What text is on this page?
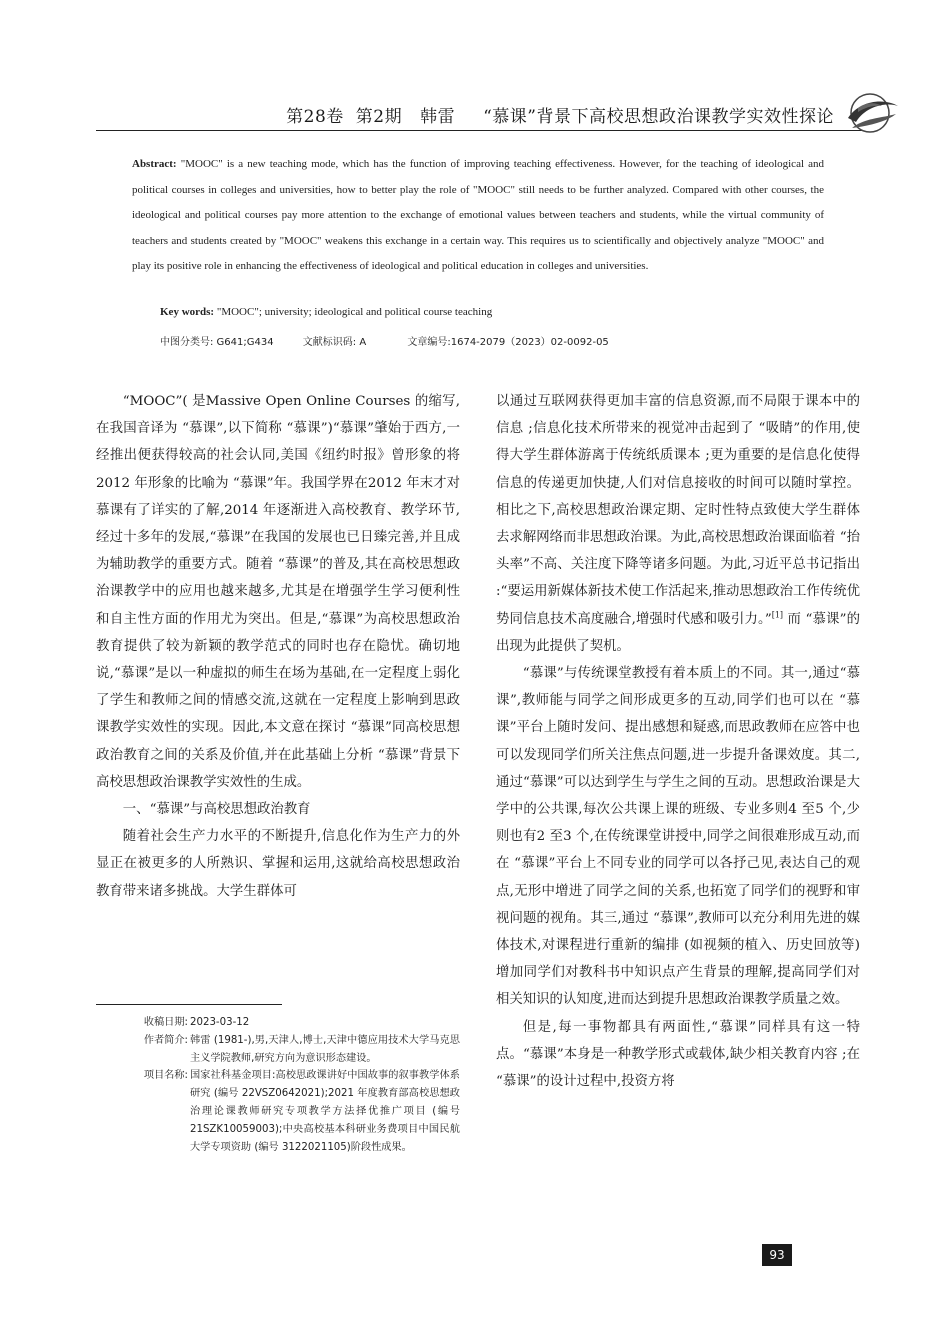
第28卷 第2期 韩雷 “慕课”背景下高校思想政治课教学实效性探论
Abstract: "MOOC" is a new teaching mode, which has the function of improving teaching effectiveness. However, for the teaching of ideological and political courses in colleges and universities, how to better play the role of "MOOC" still needs to be further analyzed. Compared with other courses, the ideological and political courses pay more attention to the exchange of emotional values between teachers and students, while the virtual community of teachers and students created by "MOOC" weakens this exchange in a certain way. This requires us to scientifically and objectively analyze "MOOC" and play its positive role in enhancing the effectiveness of ideological and political education in colleges and universities.
Key words: "MOOC"; university; ideological and political course teaching
中图分类号: G641;G434	文献标识码: A	文章编号:1674-2079（2023）02-0092-05

“MOOC”( 是Massive Open Online Courses 的缩写,在我国音译为 “慕课”,以下简称 “慕课”)“慕课”肇始于西方,一经推出便获得较高的社会认同,美国《纽约时报》曾形象的将2012 年形象的比喻为 “慕课”年。我国学界在2012 年末才对慕课有了详实的了解,2014 年逐渐进入高校教育、教学环节,经过十多年的发展,“慕课”在我国的发展也已日臻完善,并且成为辅助教学的重要方式。随着 “慕课”的普及,其在高校思想政治课教学中的应用也越来越多,尤其是在增强学生学习便利性和自主性方面的作用尤为突出。但是,“慕课”为高校思想政治教育提供了较为新颖的教学范式的同时也存在隐忧。确切地说,“慕课”是以一种虚拟的师生在场为基础,在一定程度上弱化了学生和教师之间的情感交流,这就在一定程度上影响到思政课教学实效性的实现。因此,本文意在探讨 “慕课”同高校思想政治教育之间的关系及价值,并在此基础上分析 “慕课”背景下高校思想政治课教学实效性的生成。

一、“慕课”与高校思想政治教育

随着社会生产力水平的不断提升,信息化作为生产力的外显正在被更多的人所熟识、掌握和运用,这就给高校思想政治教育带来诸多挑战。大学生群体可

收稿日期: 2023-03-12
作者简介: 韩雷 (1981-),男,天津人,博士,天津中德应用技术大学马克思主义学院教师,研究方向为意识形态建设。
项目名称: 国家社科基金项目:高校思政课讲好中国故事的叙事教学体系研究 (编号 22VSZ0642021);2021 年度教育部高校思想政治理论课教师研究专项教学方法择优推广项目 (编号 21SZK10059003);中央高校基本科研业务费项目中国民航大学专项资助 (编号 3122021105)阶段性成果。

以通过互联网获得更加丰富的信息资源,而不局限于课本中的信息 ;信息化技术所带来的视觉冲击起到了 “吸睛”的作用,使得大学生群体游离于传统纸质课本 ;更为重要的是信息化使得信息的传递更加快捷,人们对信息接收的时间可以随时掌控。相比之下,高校思想政治课定期、定时性特点致使大学生群体去求解网络而非思想政治课。为此,高校思想政治课面临着 “抬头率”不高、关注度下降等诸多问题。为此,习近平总书记指出 :“要运用新媒体新技术使工作活起来,推动思想政治工作传统优势同信息技术高度融合,增强时代感和吸引力。”[1] 而 “慕课”的出现为此提供了契机。

“慕课”与传统课堂教授有着本质上的不同。其一,通过“慕课”,教师能与同学之间形成更多的互动,同学们也可以在 “慕课”平台上随时发问、提出感想和疑惑,而思政教师在应答中也可以发现同学们所关注焦点问题,进一步提升备课效度。其二,通过“慕课”可以达到学生与学生之间的互动。思想政治课是大学中的公共课,每次公共课上课的班级、专业多则4 至5 个,少则也有2 至3 个,在传统课堂讲授中,同学之间很难形成互动,而在 “慕课”平台上不同专业的同学可以各抒己见,表达自己的观点,无形中增进了同学之间的关系,也拓宽了同学们的视野和审视问题的视角。其三,通过 “慕课”,教师可以充分利用先进的媒体技术,对课程进行重新的编排 (如视频的植入、历史回放等)增加同学们对教科书中知识点产生背景的理解,提高同学们对相关知识的认知度,进而达到提升思想政治课教学质量之效。

但是,每一事物都具有两面性,“慕课”同样具有这一特点。“慕课”本身是一种教学形式或载体,缺少相关教育内容 ;在 “慕课”的设计过程中,投资方将

93
